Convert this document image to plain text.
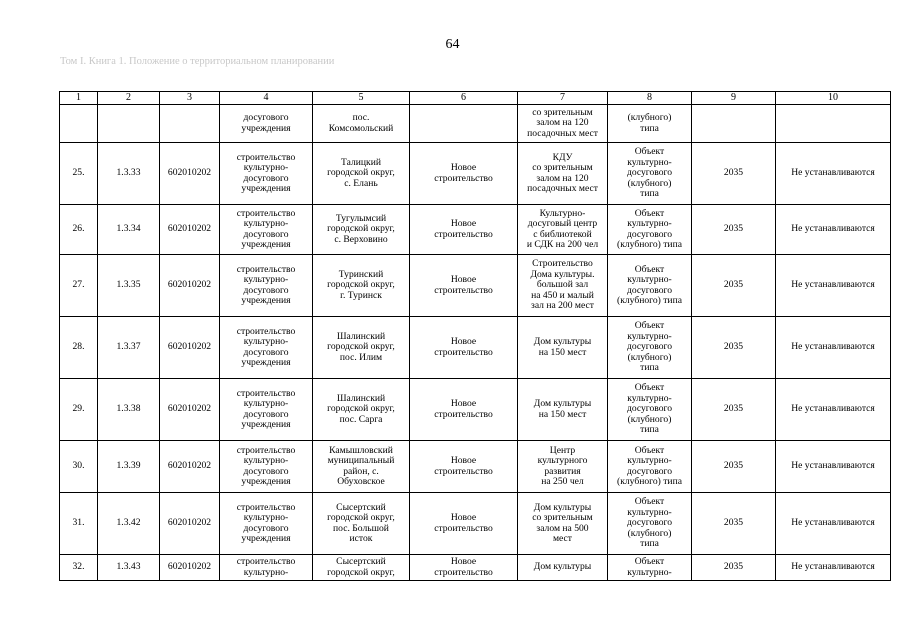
64
Том I. Книга 1. Положение о территориальном планировании
1	2	3	4	5	6	7	8	9	10
			досугового
учреждения	пос.
Комсомольский		со зрительным
залом на 120
посадочных мест	(клубного)
типа		
25.	1.3.33	602010202	строительство
культурно-
досугового
учреждения	Талицкий
городской округ,
с. Елань	Новое
строительство	КДУ
со зрительным
залом на 120
посадочных мест	Объект
культурно-
досугового
(клубного)
типа	2035	Не устанавливаются
26.	1.3.34	602010202	строительство
культурно-
досугового
учреждения	Тугулымсий
городской округ,
с. Верховино	Новое
строительство	Культурно-
досуговый центр
с библиотекой
и СДК на 200 чел	Объект
культурно-
досугового
(клубного) типа	2035	Не устанавливаются
27.	1.3.35	602010202	строительство
культурно-
досугового
учреждения	Туринский
городской округ,
г. Туринск	Новое
строительство	Строительство
Дома культуры.
большой зал
на 450 и малый
зал на 200 мест	Объект
культурно-
досугового
(клубного) типа	2035	Не устанавливаются
28.	1.3.37	602010202	строительство
культурно-
досугового
учреждения	Шалинский
городской округ,
пос. Илим	Новое
строительство	Дом культуры
на 150 мест	Объект
культурно-
досугового
(клубного)
типа	2035	Не устанавливаются
29.	1.3.38	602010202	строительство
культурно-
досугового
учреждения	Шалинский
городской округ,
пос. Сарга	Новое
строительство	Дом культуры
на 150 мест	Объект
культурно-
досугового
(клубного)
типа	2035	Не устанавливаются
30.	1.3.39	602010202	строительство
культурно-
досугового
учреждения	Камышловский
муниципальный
район, с.
Обуховское	Новое
строительство	Центр
культурного
развития
на 250 чел	Объект
культурно-
досугового
(клубного) типа	2035	Не устанавливаются
31.	1.3.42	602010202	строительство
культурно-
досугового
учреждения	Сысертский
городской округ,
пос. Большой
исток	Новое
строительство	Дом культуры
со зрительным
залом на 500
мест	Объект
культурно-
досугового
(клубного)
типа	2035	Не устанавливаются
32.	1.3.43	602010202	строительство
культурно-	Сысертский
городской округ,	Новое
строительство	Дом культуры	Объект
культурно-	2035	Не устанавливаются
